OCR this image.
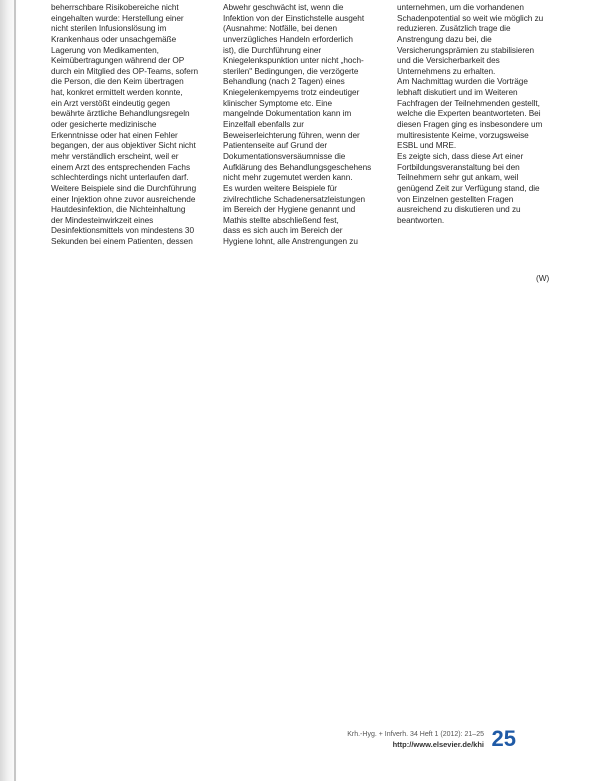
beherrschbare Risikobereiche nicht
eingehalten wurde: Herstellung einer
nicht sterilen Infusionslösung im
Krankenhaus oder unsachgemäße
Lagerung von Medikamenten,
Keimübertragungen während der OP
durch ein Mitglied des OP-Teams, sofern
die Person, die den Keim übertragen
hat, konkret ermittelt werden konnte,
ein Arzt verstößt eindeutig gegen
bewährte ärztliche Behandlungsregeln
oder gesicherte medizinische
Erkenntnisse oder hat einen Fehler
begangen, der aus objektiver Sicht nicht
mehr verständlich erscheint, weil er
einem Arzt des entsprechenden Fachs
schlechterdings nicht unterlaufen darf.
Weitere Beispiele sind die Durchführung
einer Injektion ohne zuvor ausreichende
Hautdesinfektion, die Nichteinhaltung
der Mindesteinwirkzeit eines
Desinfektionsmittels von mindestens 30
Sekunden bei einem Patienten, dessen
Abwehr geschwächt ist, wenn die
Infektion von der Einstichstelle ausgeht
(Ausnahme: Notfälle, bei denen
unverzügliches Handeln erforderlich
ist), die Durchführung einer
Kniegelenkspunktion unter nicht „hoch-
sterilen" Bedingungen, die verzögerte
Behandlung (nach 2 Tagen) eines
Kniegelenkempyems trotz eindeutiger
klinischer Symptome etc. Eine
mangelnde Dokumentation kann im
Einzelfall ebenfalls zur
Beweiserleichterung führen, wenn der
Patientenseite auf Grund der
Dokumentationsversäumnisse die
Aufklärung des Behandlungsgeschehens
nicht mehr zugemutet werden kann.
Es wurden weitere Beispiele für
zivilrechtliche Schadenersatzleistungen
im Bereich der Hygiene genannt und
Mathis stellte abschließend fest,
dass es sich auch im Bereich der
Hygiene lohnt, alle Anstrengungen zu
unternehmen, um die vorhandenen
Schadenpotential so weit wie möglich zu
reduzieren. Zusätzlich trage die
Anstrengung dazu bei, die
Versicherungsprämien zu stabilisieren
und die Versicherbarkeit des
Unternehmens zu erhalten.
Am Nachmittag wurden die Vorträge
lebhaft diskutiert und im Weiteren
Fachfragen der Teilnehmenden gestellt,
welche die Experten beantworteten. Bei
diesen Fragen ging es insbesondere um
multiresistente Keime, vorzugsweise
ESBL und MRE.
Es zeigte sich, dass diese Art einer
Fortbildungsveranstaltung bei den
Teilnehmern sehr gut ankam, weil
genügend Zeit zur Verfügung stand, die
von Einzelnen gestellten Fragen
ausreichend zu diskutieren und zu
beantworten.
(W)
Krh.-Hyg. + Infverh. 34 Heft 1 (2012): 21–25
http://www.elsevier.de/khi 25
